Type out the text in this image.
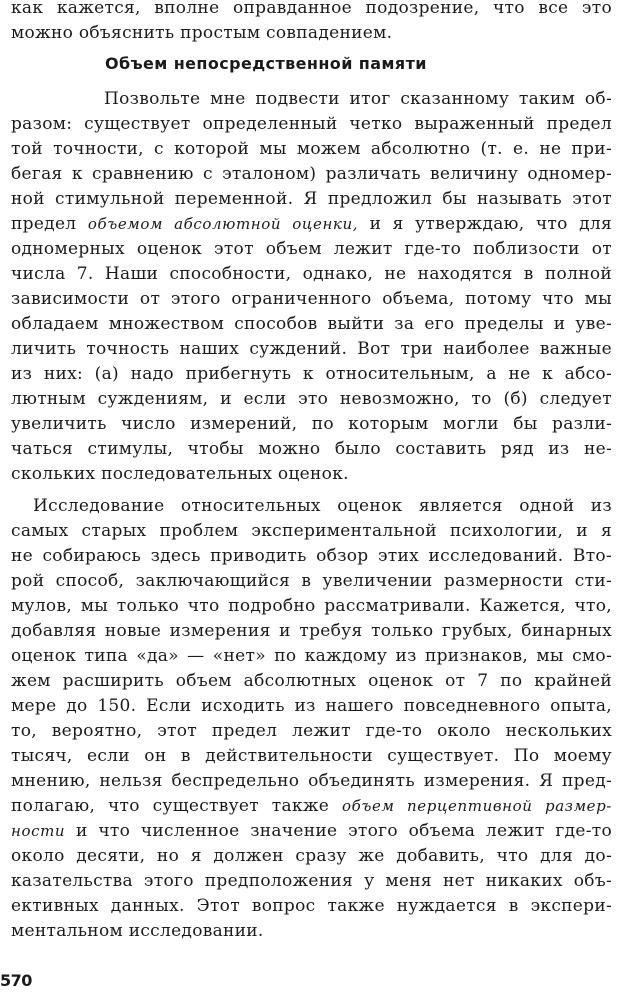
как кажется, вполне оправданное подозрение, что все это
можно объяснить простым совпадением.
Объем непосредственной памяти
Позвольте мне подвести итог сказанному таким об-
разом: существует определенный четко выраженный предел
той точности, с которой мы можем абсолютно (т. е. не при-
бегая к сравнению с эталоном) различать величину одномер-
ной стимульной переменной. Я предложил бы называть этот
предел объемом абсолютной оценки, и я утверждаю, что для
одномерных оценок этот объем лежит где-то поблизости от
числа 7. Наши способности, однако, не находятся в полной
зависимости от этого ограниченного объема, потому что мы
обладаем множеством способов выйти за его пределы и уве-
личить точность наших суждений. Вот три наиболее важные
из них: (а) надо прибегнуть к относительным, а не к абсо-
лютным суждениям, и если это невозможно, то (б) следует
увеличить число измерений, по которым могли бы разли-
чаться стимулы, чтобы можно было составить ряд из не-
скольких последовательных оценок.
Исследование относительных оценок является одной из
самых старых проблем экспериментальной психологии, и я
не собираюсь здесь приводить обзор этих исследований. Вто-
рой способ, заключающийся в увеличении размерности сти-
мулов, мы только что подробно рассматривали. Кажется, что,
добавляя новые измерения и требуя только грубых, бинарных
оценок типа «да» — «нет» по каждому из признаков, мы смо-
жем расширить объем абсолютных оценок от 7 по крайней
мере до 150. Если исходить из нашего повседневного опыта,
то, вероятно, этот предел лежит где-то около нескольких
тысяч, если он в действительности существует. По моему
мнению, нельзя беспредельно объединять измерения. Я пред-
полагаю, что существует также объем перцептивной размер-
ности и что численное значение этого объема лежит где-то
около десяти, но я должен сразу же добавить, что для до-
казательства этого предположения у меня нет никаких объ-
ективных данных. Этот вопрос также нуждается в экспери-
ментальном исследовании.
570
